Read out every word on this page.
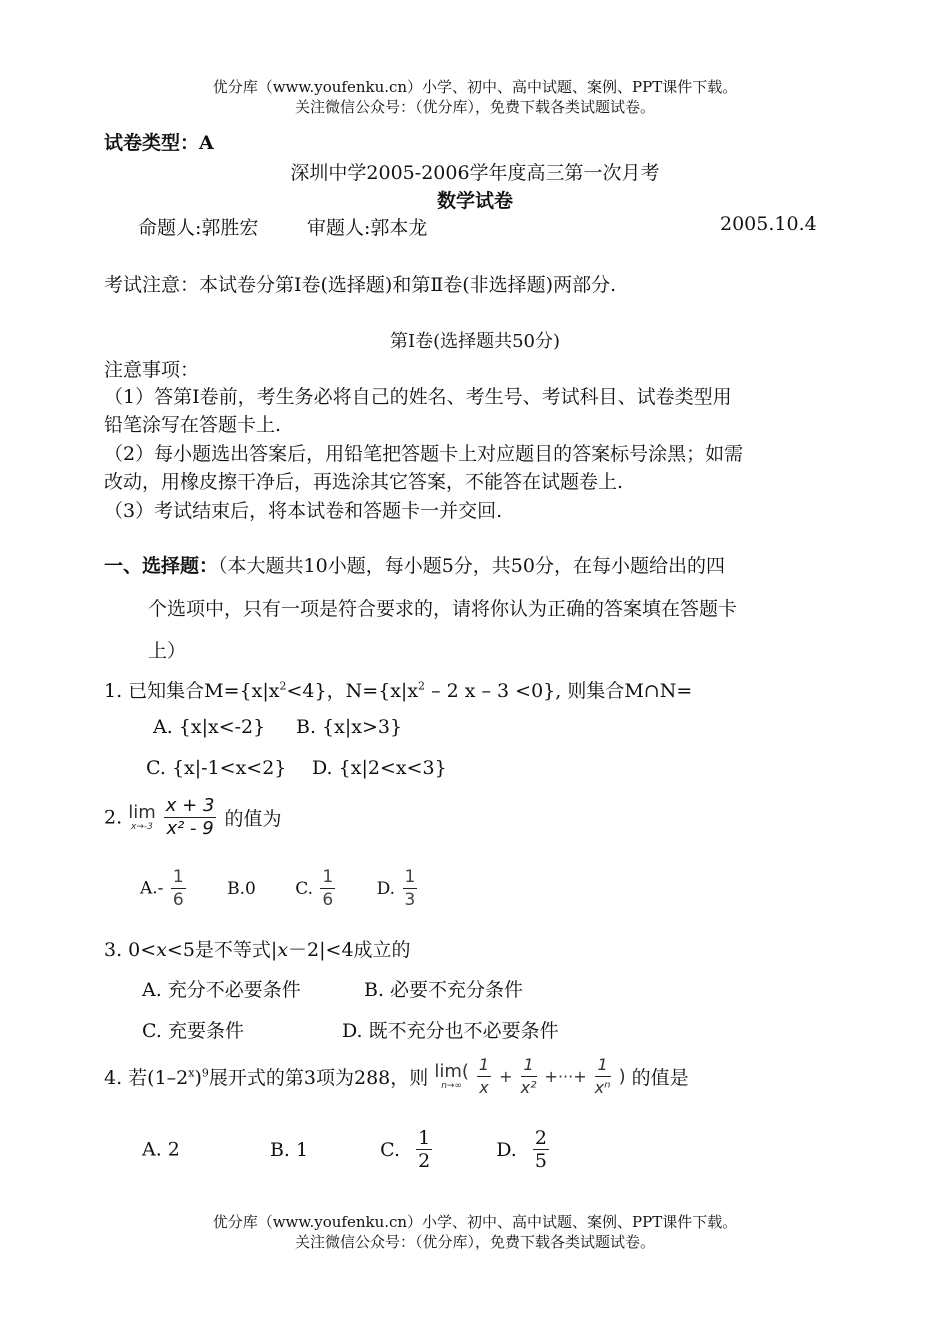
优分库（www.youfenku.cn）小学、初中、高中试题、案例、PPT课件下载。
关注微信公众号：（优分库），免费下载各类试题试卷。
试卷类型：A
深圳中学2005-2006学年度高三第一次月考
数学试卷
命题人:郭胜宏	审题人:郭本龙	2005.10.4
考试注意：本试卷分第Ⅰ卷(选择题)和第Ⅱ卷(非选择题)两部分.
第Ⅰ卷(选择题共50分)
注意事项：
（1）答第Ⅰ卷前，考生务必将自己的姓名、考生号、考试科目、试卷类型用
铅笔涂写在答题卡上.
（2）每小题选出答案后，用铅笔把答题卡上对应题目的答案标号涂黑；如需
改动，用橡皮擦干净后，再选涂其它答案，不能答在试题卷上.
（3）考试结束后，将本试卷和答题卡一并交回.
一、选择题：（本大题共10小题，每小题5分，共50分，在每小题给出的四
个选项中，只有一项是符合要求的，请将你认为正确的答案填在答题卡
上）
1. 已知集合$M=\{x|x^2<4\}$，$N=\{x|x^2 - 2$ x – 3 <0}, 则集合M∩N=
A. {x|x<-2} B. {x|x>3}
C. {x|-1<x<2} D. {x|2<x<3}
2. lim
x→-3
$\frac{x + 3}{\text{x² - 9}}$ 的值为
$A.- \frac{1}{6} B.0$ C. $\frac{1}{6} D$. $\frac{1}{3}$
3. 0<x<5是不等式|x－2|<4成立的
A. 充分不必要条件	B. 必要不充分条件
C. 充要条件	D. 既不充分也不必要条件
4. 若$(1-2^x)^9$展开式的第3项为288，则 lim(
n→∞
$\frac{1}{x} + \frac{1}{\text{x²}}$ +···+ $\frac{1}{\text{xⁿ}}$ ) 的值是
A. 2	B. 1	C. $\frac{1}{2}$	D. $\frac{2}{5}$
优分库（www.youfenku.cn）小学、初中、高中试题、案例、PPT课件下载。
关注微信公众号：（优分库），免费下载各类试题试卷。
